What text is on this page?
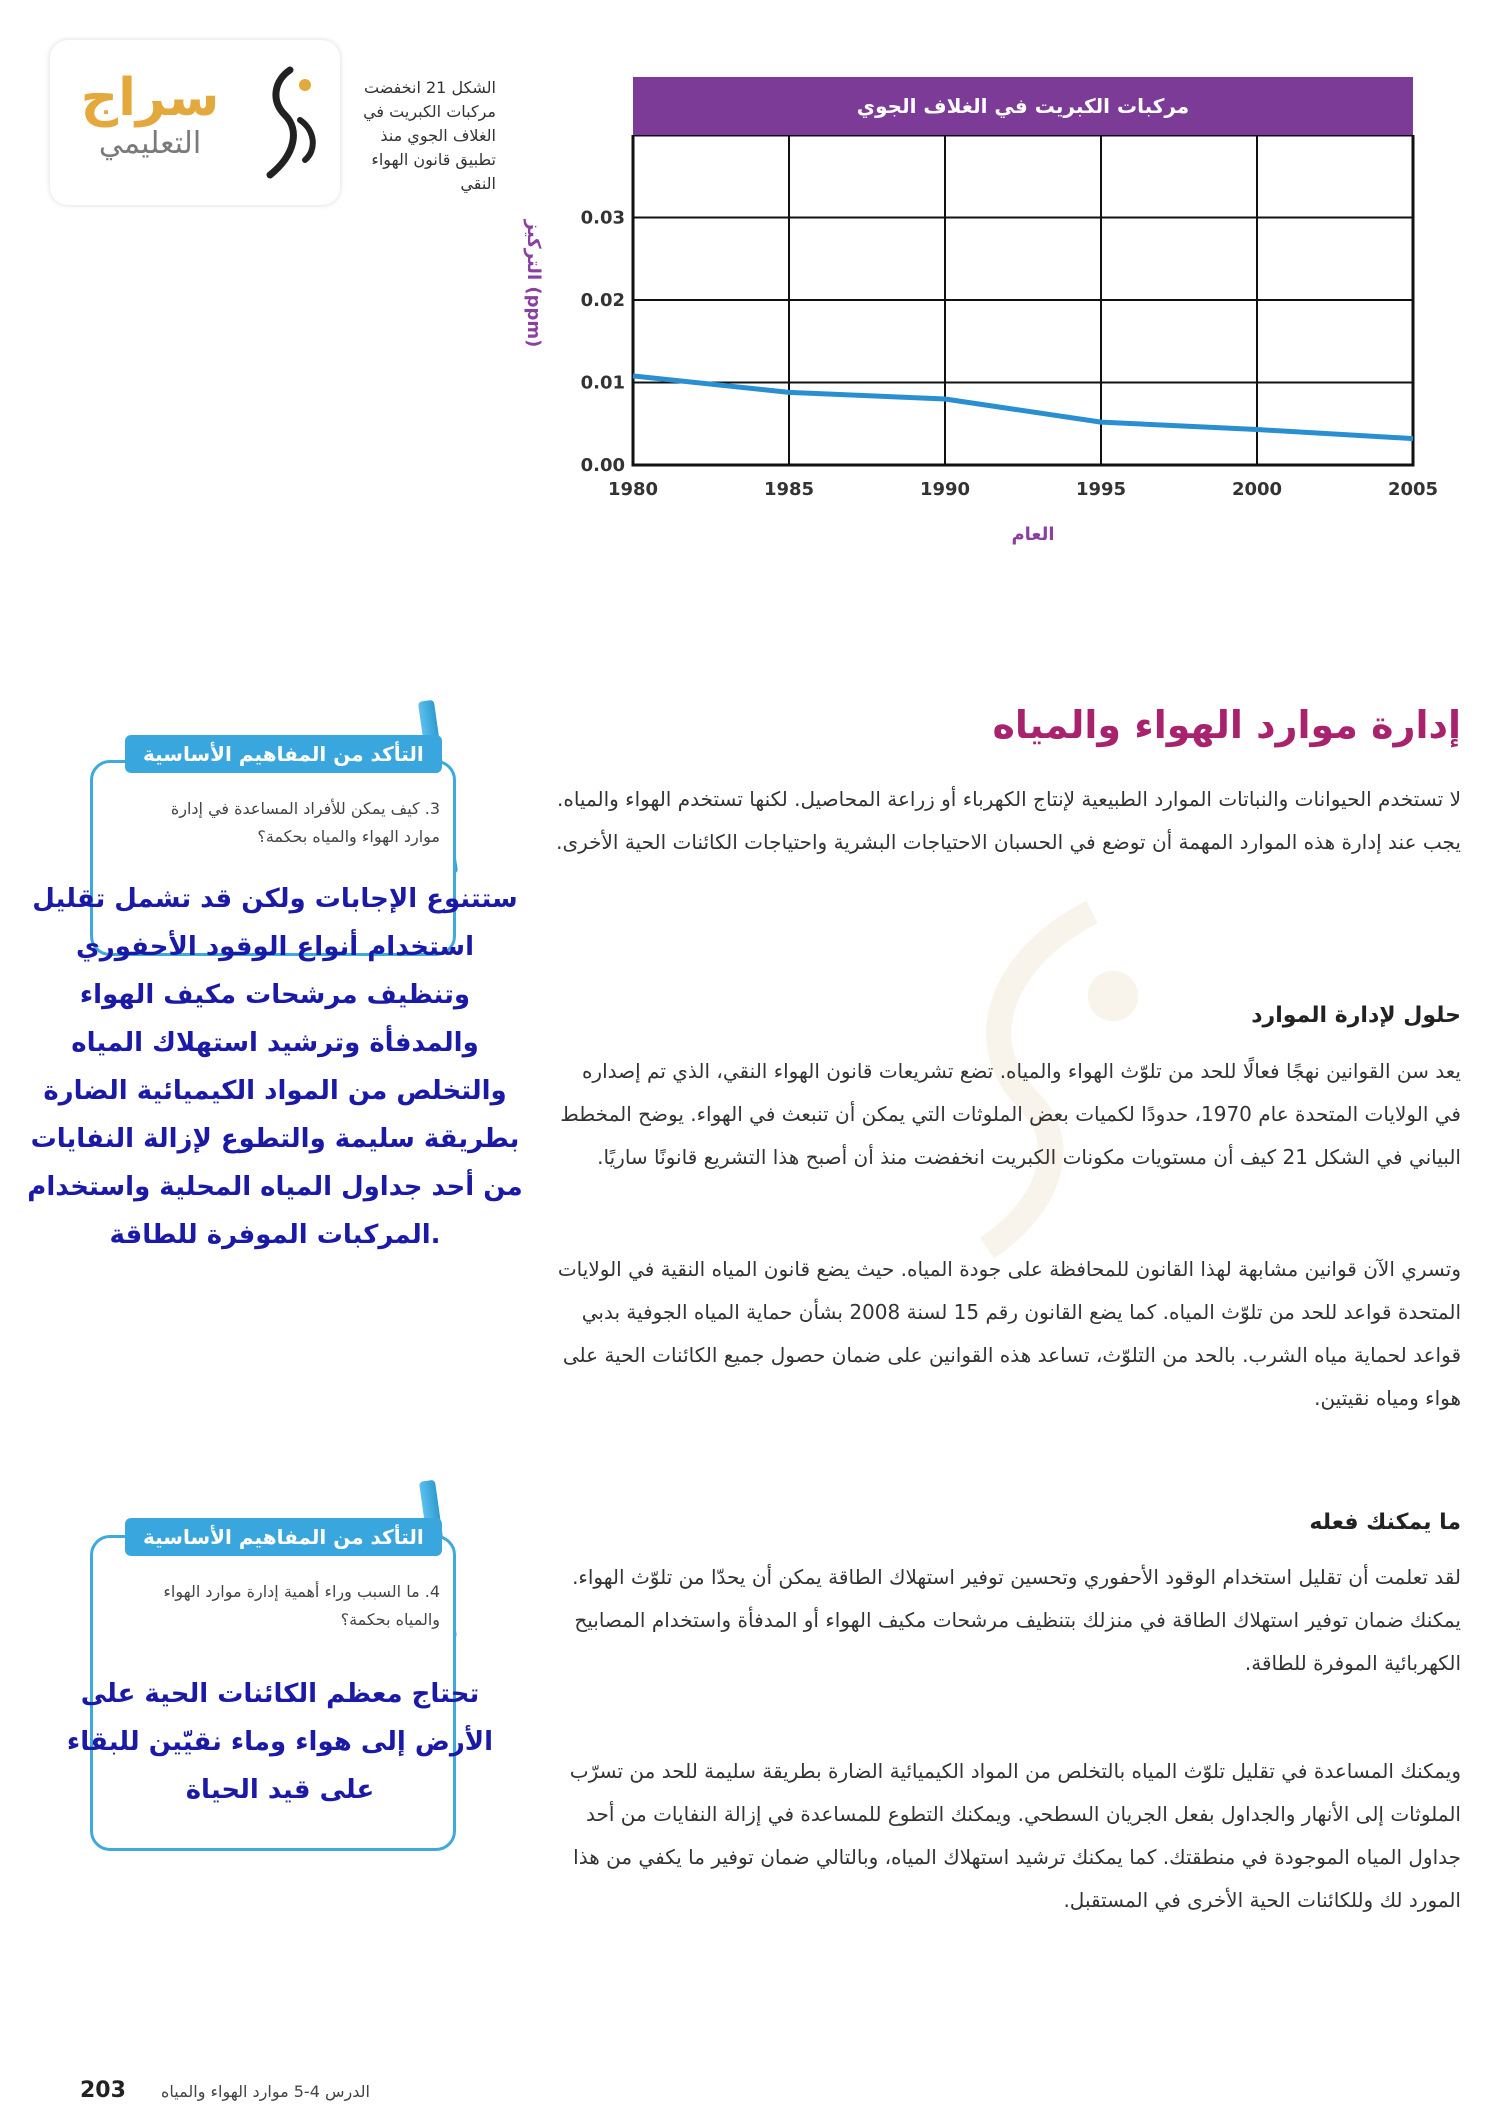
سراج
التعليمي
الشكل 21 انخفضت مركبات الكبريت في الغلاف الجوي منذ تطبيق قانون الهواء النقي
مركبات الكبريت في الغلاف الجوي
0.00
0.01
0.02
0.03
1980	1985	1990	1995	2000	2005
العام
التركيز (ppm)
إدارة موارد الهواء والمياه
لا تستخدم الحيوانات والنباتات الموارد الطبيعية لإنتاج الكهرباء أو زراعة المحاصيل. لكنها تستخدم الهواء والمياه. يجب عند إدارة هذه الموارد المهمة أن توضع في الحسبان الاحتياجات البشرية واحتياجات الكائنات الحية الأخرى.
حلول لإدارة الموارد
يعد سن القوانين نهجًا فعالًا للحد من تلوّث الهواء والمياه. تضع تشريعات قانون الهواء النقي، الذي تم إصداره في الولايات المتحدة عام 1970، حدودًا لكميات بعض الملوثات التي يمكن أن تنبعث في الهواء. يوضح المخطط البياني في الشكل 21 كيف أن مستويات مكونات الكبريت انخفضت منذ أن أصبح هذا التشريع قانونًا ساريًا.
وتسري الآن قوانين مشابهة لهذا القانون للمحافظة على جودة المياه. حيث يضع قانون المياه النقية في الولايات المتحدة قواعد للحد من تلوّث المياه. كما يضع القانون رقم 15 لسنة 2008 بشأن حماية المياه الجوفية بدبي قواعد لحماية مياه الشرب. بالحد من التلوّث، تساعد هذه القوانين على ضمان حصول جميع الكائنات الحية على هواء ومياه نقيتين.
ما يمكنك فعله
لقد تعلمت أن تقليل استخدام الوقود الأحفوري وتحسين توفير استهلاك الطاقة يمكن أن يحدّا من تلوّث الهواء. يمكنك ضمان توفير استهلاك الطاقة في منزلك بتنظيف مرشحات مكيف الهواء أو المدفأة واستخدام المصابيح الكهربائية الموفرة للطاقة.
ويمكنك المساعدة في تقليل تلوّث المياه بالتخلص من المواد الكيميائية الضارة بطريقة سليمة للحد من تسرّب الملوثات إلى الأنهار والجداول بفعل الجريان السطحي. ويمكنك التطوع للمساعدة في إزالة النفايات من أحد جداول المياه الموجودة في منطقتك. كما يمكنك ترشيد استهلاك المياه، وبالتالي ضمان توفير ما يكفي من هذا المورد لك وللكائنات الحية الأخرى في المستقبل.
التأكد من المفاهيم الأساسية
3. كيف يمكن للأفراد المساعدة في إدارة موارد الهواء والمياه بحكمة؟
ستتنوع الإجابات ولكن قد تشمل تقليل استخدام أنواع الوقود الأحفوري وتنظيف مرشحات مكيف الهواء والمدفأة وترشيد استهلاك المياه والتخلص من المواد الكيميائية الضارة بطريقة سليمة والتطوع لإزالة النفايات من أحد جداول المياه المحلية واستخدام المركبات الموفرة للطاقة.
التأكد من المفاهيم الأساسية
4. ما السبب وراء أهمية إدارة موارد الهواء والمياه بحكمة؟
تحتاج معظم الكائنات الحية على الأرض إلى هواء وماء نقيّين للبقاء على قيد الحياة
203 الدرس 4-5 موارد الهواء والمياه
